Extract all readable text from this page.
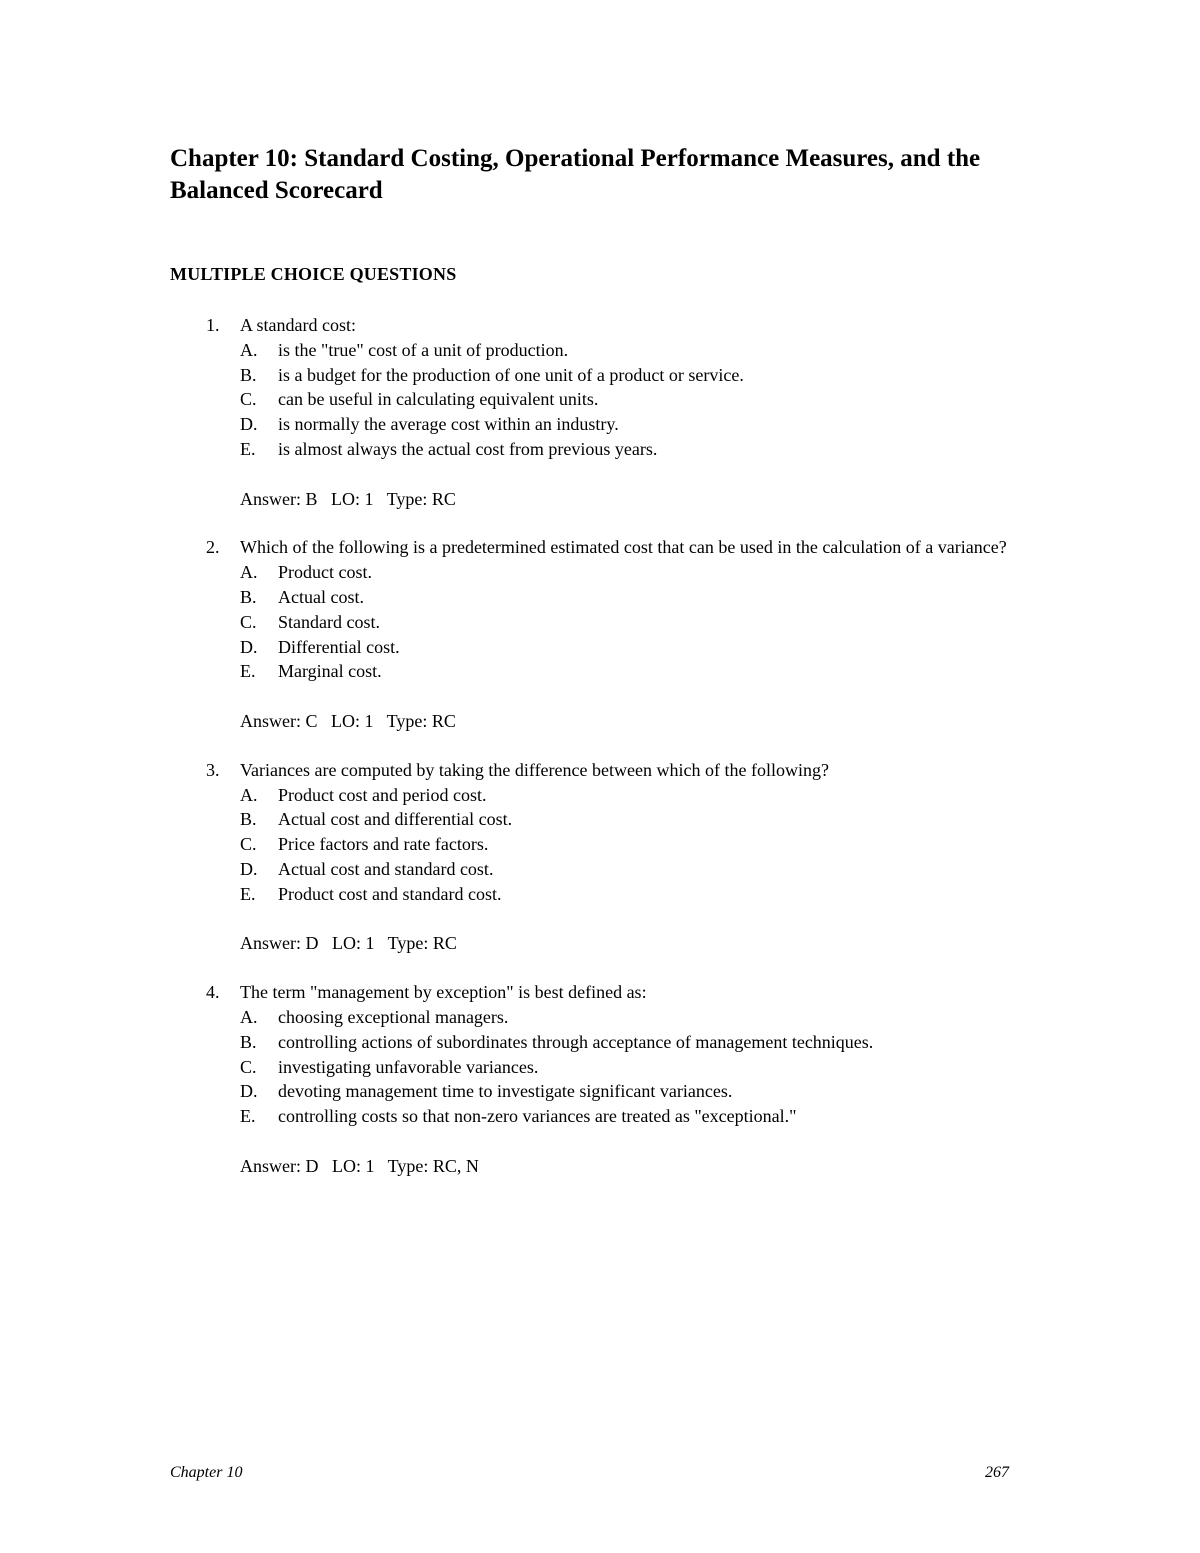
Chapter 10: Standard Costing, Operational Performance Measures, and the Balanced Scorecard
MULTIPLE CHOICE QUESTIONS
1. A standard cost:
A. is the "true" cost of a unit of production.
B. is a budget for the production of one unit of a product or service.
C. can be useful in calculating equivalent units.
D. is normally the average cost within an industry.
E. is almost always the actual cost from previous years.
Answer: B   LO: 1   Type: RC
2. Which of the following is a predetermined estimated cost that can be used in the calculation of a variance?
A. Product cost.
B. Actual cost.
C. Standard cost.
D. Differential cost.
E. Marginal cost.
Answer: C   LO: 1   Type: RC
3. Variances are computed by taking the difference between which of the following?
A. Product cost and period cost.
B. Actual cost and differential cost.
C. Price factors and rate factors.
D. Actual cost and standard cost.
E. Product cost and standard cost.
Answer: D   LO: 1   Type: RC
4. The term "management by exception" is best defined as:
A. choosing exceptional managers.
B. controlling actions of subordinates through acceptance of management techniques.
C. investigating unfavorable variances.
D. devoting management time to investigate significant variances.
E. controlling costs so that non-zero variances are treated as "exceptional."
Answer: D   LO: 1   Type: RC, N
Chapter 10	267
